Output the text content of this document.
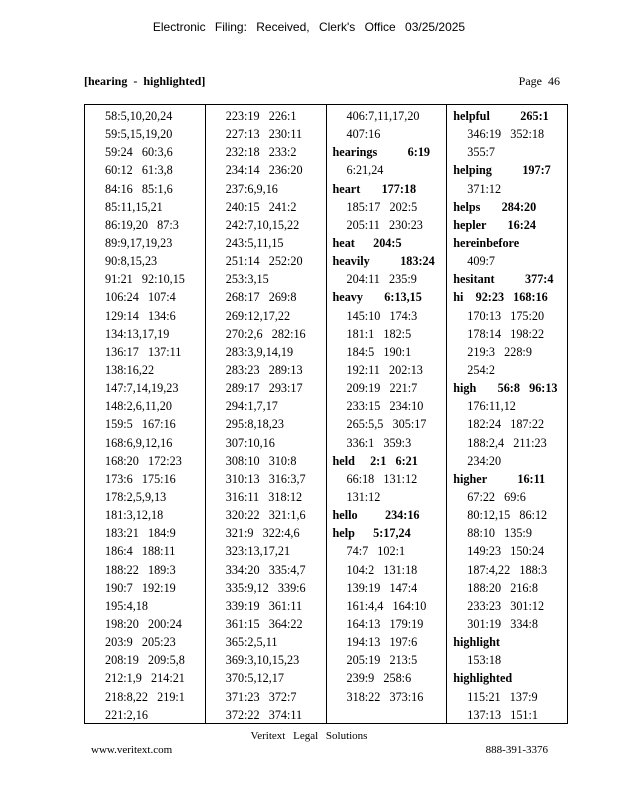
Electronic Filing: Received, Clerk's Office 03/25/2025
[hearing - highlighted]	Page 46
58:5,10,20,24
59:5,15,19,20
59:24   60:3,6
60:12   61:3,8
84:16   85:1,6
85:11,15,21
86:19,20   87:3
89:9,17,19,23
90:8,15,23
91:21   92:10,15
106:24   107:4
129:14   134:6
134:13,17,19
136:17   137:11
138:16,22
147:7,14,19,23
148:2,6,11,20
159:5   167:16
168:6,9,12,16
168:20   172:23
173:6   175:16
178:2,5,9,13
181:3,12,18
183:21   184:9
186:4   188:11
188:22   189:3
190:7   192:19
195:4,18
198:20   200:24
203:9   205:23
208:19   209:5,8
212:1,9   214:21
218:8,22   219:1
221:2,16
223:19   226:1
227:13   230:11
232:18   233:2
234:14   236:20
237:6,9,16
240:15   241:2
242:7,10,15,22
243:5,11,15
251:14   252:20
253:3,15
268:17   269:8
269:12,17,22
270:2,6   282:16
283:3,9,14,19
283:23   289:13
289:17   293:17
294:1,7,17
295:8,18,23
307:10,16
308:10   310:8
310:13   316:3,7
316:11   318:12
320:22   321:1,6
321:9   322:4,6
323:13,17,21
334:20   335:4,7
335:9,12   339:6
339:19   361:11
361:15   364:22
365:2,5,11
369:3,10,15,23
370:5,12,17
371:23   372:7
372:22   374:11
406:7,11,17,20
407:16
hearings          6:19
6:21,24
heart       177:18
185:17   202:5
205:11   230:23
heat      204:5
heavily          183:24
204:11   235:9
heavy       6:13,15
145:10   174:3
181:1   182:5
184:5   190:1
192:11   202:13
209:19   221:7
233:15   234:10
265:5,5   305:17
336:1   359:3
held     2:1   6:21
66:18   131:12
131:12
hello         234:16
help      5:17,24
74:7   102:1
104:2   131:18
139:19   147:4
161:4,4   164:10
164:13   179:19
194:13   197:6
205:19   213:5
239:9   258:6
318:22   373:16
helpful          265:1
346:19   352:18
355:7
helping          197:7
371:12
helps       284:20
hepler       16:24
hereinbefore
409:7
hesitant          377:4
hi    92:23   168:16
170:13   175:20
178:14   198:22
219:3   228:9
254:2
high       56:8   96:13
176:11,12
182:24   187:22
188:2,4   211:23
234:20
higher          16:11
67:22   69:6
80:12,15   86:12
88:10   135:9
149:23   150:24
187:4,22   188:3
188:20   216:8
233:23   301:12
301:19   334:8
highlight
153:18
highlighted
115:21   137:9
137:13   151:1
Veritext Legal Solutions
www.veritext.com	888-391-3376
